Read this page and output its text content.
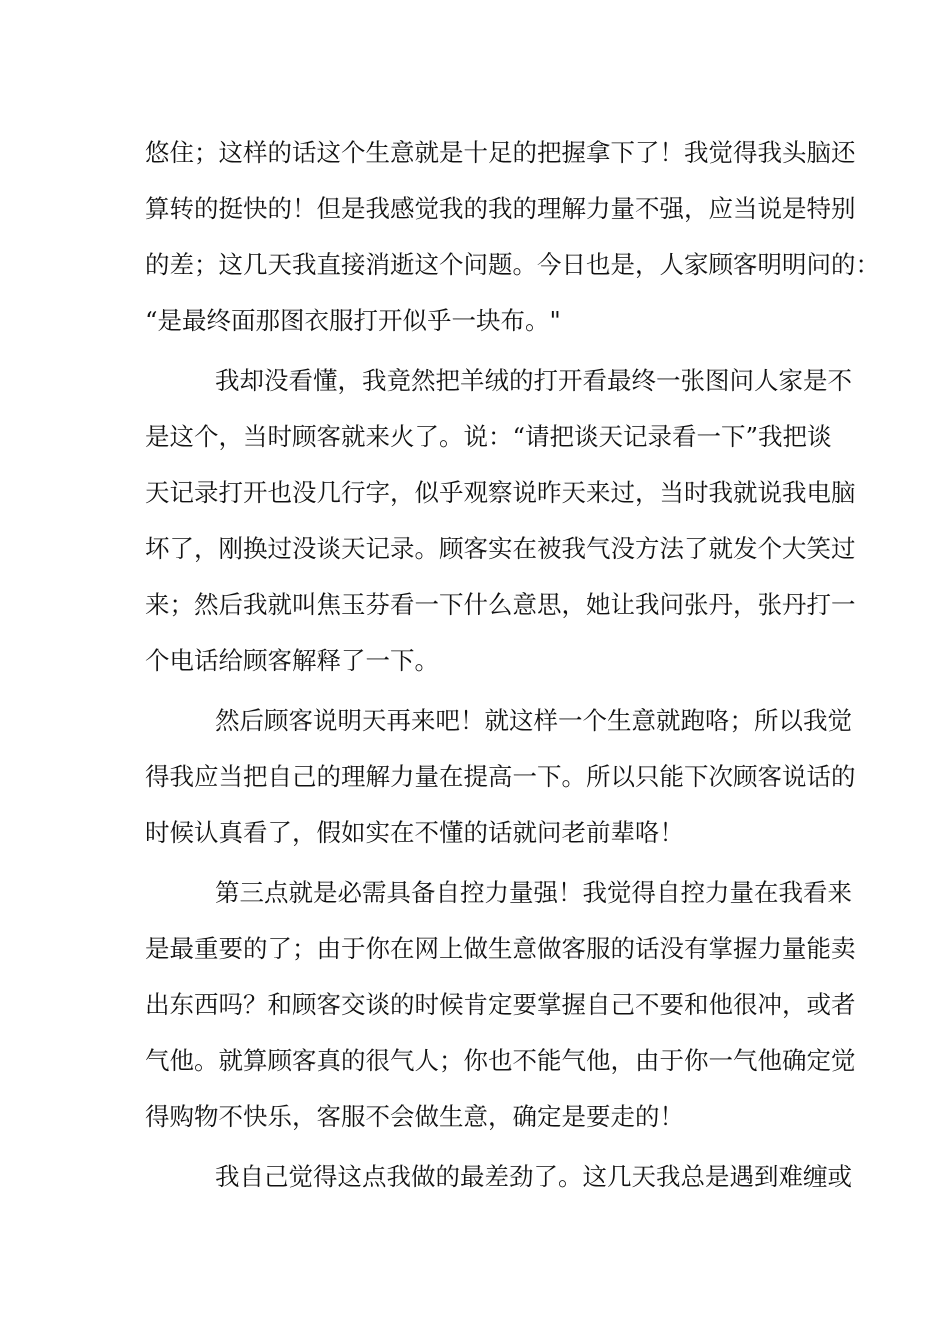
悠住；这样的话这个生意就是十足的把握拿下了！我觉得我头脑还

算转的挺快的！但是我感觉我的我的理解力量不强，应当说是特别

的差；这几天我直接消逝这个问题。今日也是，人家顾客明明问的：

“是最终面那图衣服打开似乎一块布。"

我却没看懂，我竟然把羊绒的打开看最终一张图问人家是不

是这个，当时顾客就来火了。说：“请把谈天记录看一下”我把谈

天记录打开也没几行字，似乎观察说昨天来过，当时我就说我电脑

坏了，刚换过没谈天记录。顾客实在被我气没方法了就发个大笑过

来；然后我就叫焦玉芬看一下什么意思，她让我问张丹，张丹打一

个电话给顾客解释了一下。

然后顾客说明天再来吧！就这样一个生意就跑咯；所以我觉

得我应当把自己的理解力量在提高一下。所以只能下次顾客说话的

时候认真看了，假如实在不懂的话就问老前辈咯！

第三点就是必需具备自控力量强！我觉得自控力量在我看来

是最重要的了；由于你在网上做生意做客服的话没有掌握力量能卖

出东西吗？和顾客交谈的时候肯定要掌握自己不要和他很冲，或者

气他。就算顾客真的很气人；你也不能气他，由于你一气他确定觉

得购物不快乐，客服不会做生意，确定是要走的！

我自己觉得这点我做的最差劲了。这几天我总是遇到难缠或
